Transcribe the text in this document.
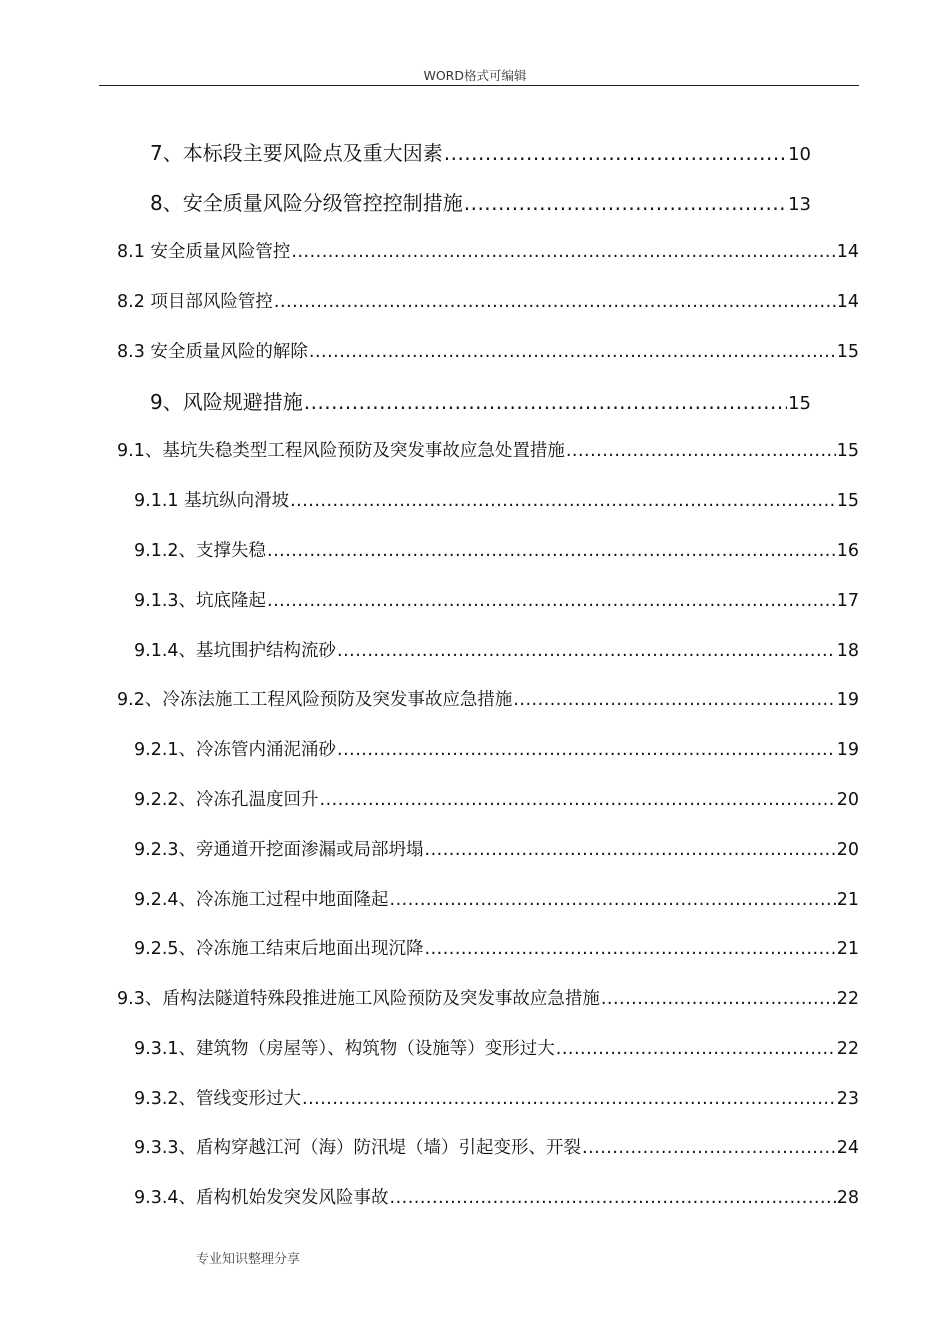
WORD格式可编辑
7、本标段主要风险点及重大因素 .....	10
8、安全质量风险分级管控控制措施 .....	13
8.1 安全质量风险管控 .....	14
8.2 项目部风险管控 .....	14
8.3 安全质量风险的解除 .....	15
9、风险规避措施 .....	15
9.1、基坑失稳类型工程风险预防及突发事故应急处置措施 .....	15
9.1.1 基坑纵向滑坡 .....	15
9.1.2、支撑失稳 .....	16
9.1.3、坑底隆起 .....	17
9.1.4、基坑围护结构流砂 .....	18
9.2、冷冻法施工工程风险预防及突发事故应急措施 .....	19
9.2.1、冷冻管内涌泥涌砂 .....	19
9.2.2、冷冻孔温度回升 .....	20
9.2.3、旁通道开挖面渗漏或局部坍塌 .....	20
9.2.4、冷冻施工过程中地面隆起 .....	21
9.2.5、冷冻施工结束后地面出现沉降 .....	21
9.3、盾构法隧道特殊段推进施工风险预防及突发事故应急措施 .....	22
9.3.1、建筑物（房屋等）、构筑物（设施等）变形过大 .....	22
9.3.2、管线变形过大 .....	23
9.3.3、盾构穿越江河（海）防汛堤（墙）引起变形、开裂 .....	24
9.3.4、盾构机始发突发风险事故 .....	28
专业知识整理分享
